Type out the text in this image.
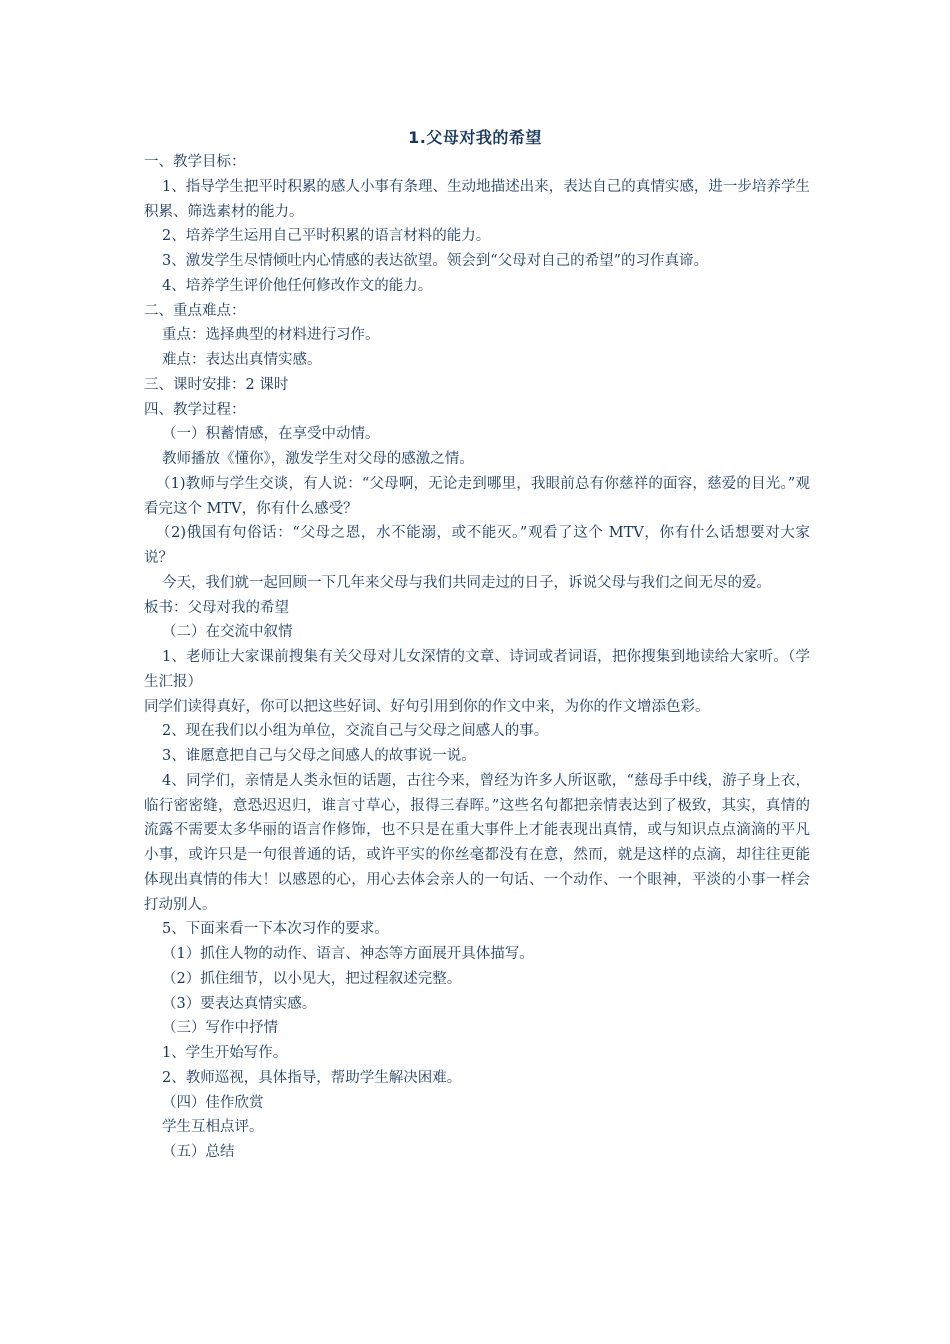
1.父母对我的希望

一、教学目标：

1、指导学生把平时积累的感人小事有条理、生动地描述出来，表达自己的真情实感，进一步培养学生积累、筛选素材的能力。

2、培养学生运用自己平时积累的语言材料的能力。

3、激发学生尽情倾吐内心情感的表达欲望。领会到“父母对自己的希望”的习作真谛。

4、培养学生评价他任何修改作文的能力。

二、重点难点：

重点：选择典型的材料进行习作。

难点：表达出真情实感。

三、课时安排：2 课时

四、教学过程：

（一）积蓄情感，在享受中动情。

教师播放《懂你》，激发学生对父母的感激之情。

（1)教师与学生交谈，有人说：“父母啊，无论走到哪里，我眼前总有你慈祥的面容，慈爱的目光。”观看完这个 MTV，你有什么感受？

（2)俄国有句俗话：“父母之恩，水不能溺，或不能灭。”观看了这个 MTV，你有什么话想要对大家说？

今天，我们就一起回顾一下几年来父母与我们共同走过的日子，诉说父母与我们之间无尽的爱。

板书：父母对我的希望

（二）在交流中叙情

1、老师让大家课前搜集有关父母对儿女深情的文章、诗词或者词语，把你搜集到地读给大家听。（学生汇报）

同学们读得真好，你可以把这些好词、好句引用到你的作文中来，为你的作文增添色彩。

2、现在我们以小组为单位，交流自己与父母之间感人的事。

3、谁愿意把自己与父母之间感人的故事说一说。

4、同学们，亲情是人类永恒的话题，古往今来，曾经为许多人所讴歌，“慈母手中线，游子身上衣，临行密密缝，意恐迟迟归，谁言寸草心，报得三春晖。”这些名句都把亲情表达到了极致，其实，真情的流露不需要太多华丽的语言作修饰，也不只是在重大事件上才能表现出真情，或与知识点点滴滴的平凡小事，或许只是一句很普通的话，或许平实的你丝毫都没有在意，然而，就是这样的点滴，却往往更能体现出真情的伟大！以感恩的心，用心去体会亲人的一句话、一个动作、一个眼神，平淡的小事一样会打动别人。

5、下面来看一下本次习作的要求。

（1）抓住人物的动作、语言、神态等方面展开具体描写。

（2）抓住细节，以小见大，把过程叙述完整。

（3）要表达真情实感。

（三）写作中抒情

1、学生开始写作。

2、教师巡视，具体指导，帮助学生解决困难。

（四）佳作欣赏

学生互相点评。

（五）总结
